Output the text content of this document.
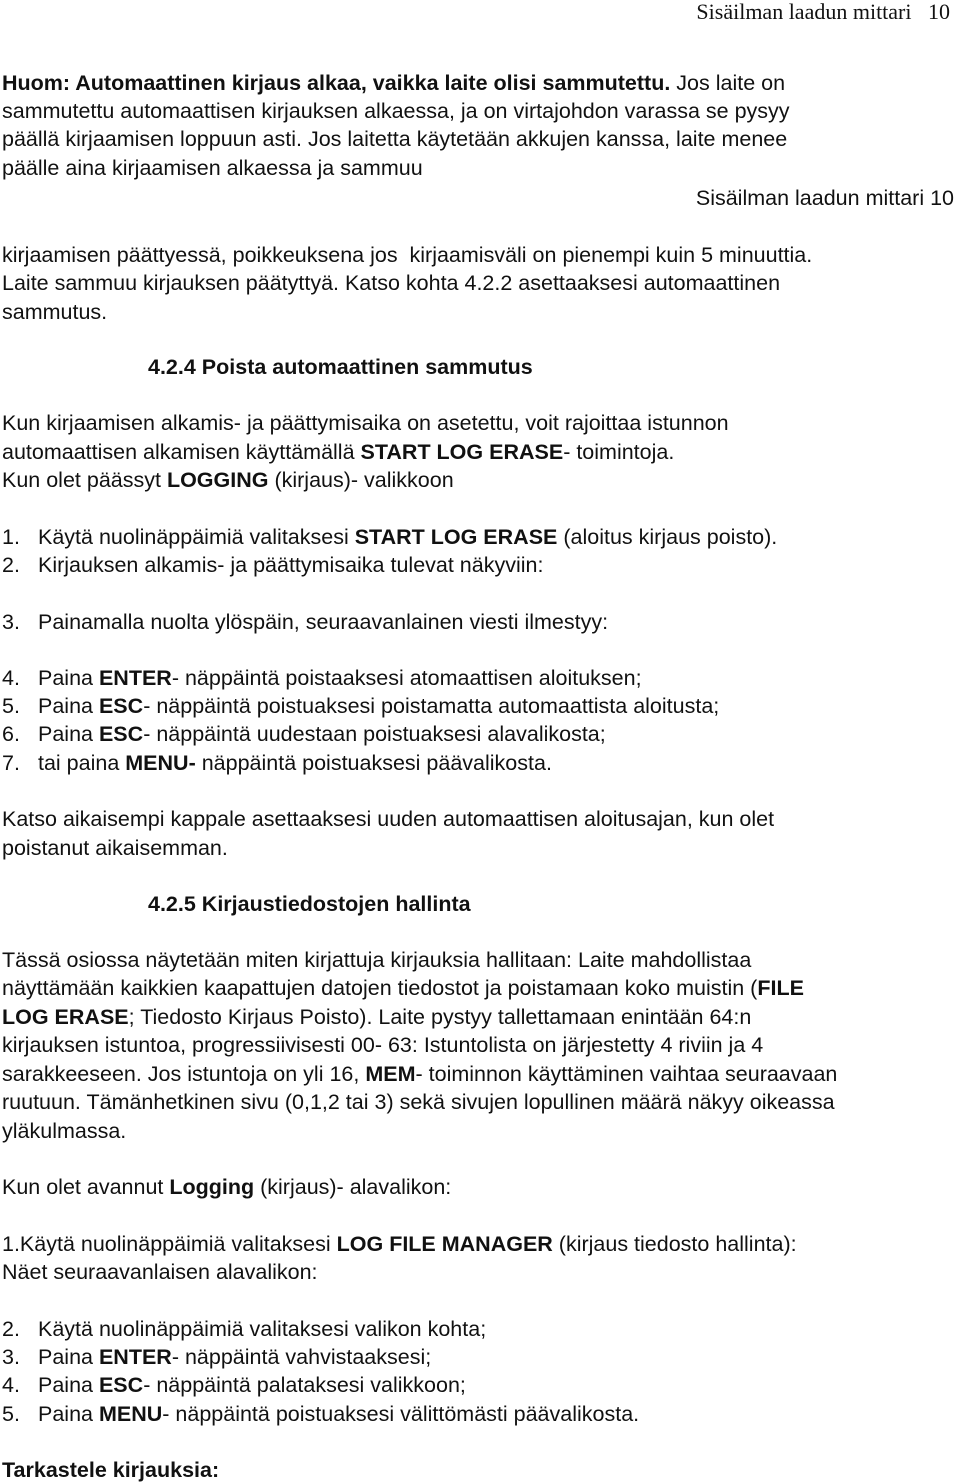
Sisäilman laadun mittari 10
Huom: Automaattinen kirjaus alkaa, vaikka laite olisi sammutettu. Jos laite on
sammutettu automaattisen kirjauksen alkaessa, ja on virtajohdon varassa se pysyy
päällä kirjaamisen loppuun asti. Jos laitetta käytetään akkujen kanssa, laite menee
päälle aina kirjaamisen alkaessa ja sammuu
Sisäilman laadun mittari 10
kirjaamisen päättyessä, poikkeuksena jos  kirjaamisväli on pienempi kuin 5 minuuttia.
Laite sammuu kirjauksen päätyttyä. Katso kohta 4.2.2 asettaaksesi automaattinen
sammutus.
4.2.4 Poista automaattinen sammutus
Kun kirjaamisen alkamis- ja päättymisaika on asetettu, voit rajoittaa istunnon
automaattisen alkamisen käyttämällä START LOG ERASE- toimintoja.
Kun olet päässyt LOGGING (kirjaus)- valikkoon
1. Käytä nuolinäppäimiä valitaksesi START LOG ERASE (aloitus kirjaus poisto).
2. Kirjauksen alkamis- ja päättymisaika tulevat näkyviin:
3. Painamalla nuolta ylöspäin, seuraavanlainen viesti ilmestyy:
4. Paina ENTER- näppäintä poistaaksesi atomaattisen aloituksen;
5. Paina ESC- näppäintä poistuaksesi poistamatta automaattista aloitusta;
6. Paina ESC- näppäintä uudestaan poistuaksesi alavalikosta;
7. tai paina MENU- näppäintä poistuaksesi päävalikosta.
Katso aikaisempi kappale asettaaksesi uuden automaattisen aloitusajan, kun olet
poistanut aikaisemman.
4.2.5 Kirjaustiedostojen hallinta
Tässä osiossa näytetään miten kirjattuja kirjauksia hallitaan: Laite mahdollistaa
näyttämään kaikkien kaapattujen datojen tiedostot ja poistamaan koko muistin (FILE
LOG ERASE; Tiedosto Kirjaus Poisto). Laite pystyy tallettamaan enintään 64:n
kirjauksen istuntoa, progressiivisesti 00- 63: Istuntolista on järjestetty 4 riviin ja 4
sarakkeeseen. Jos istuntoja on yli 16, MEM- toiminnon käyttäminen vaihtaa seuraavaan
ruutuun. Tämänhetkinen sivu (0,1,2 tai 3) sekä sivujen lopullinen määrä näkyy oikeassa
yläkulmassa.
Kun olet avannut Logging (kirjaus)- alavalikon:
1.Käytä nuolinäppäimiä valitaksesi LOG FILE MANAGER (kirjaus tiedosto hallinta):
Näet seuraavanlaisen alavalikon:
2. Käytä nuolinäppäimiä valitaksesi valikon kohta;
3. Paina ENTER- näppäintä vahvistaaksesi;
4. Paina ESC- näppäintä palataksesi valikkoon;
5. Paina MENU- näppäintä poistuaksesi välittömästi päävalikosta.
Tarkastele kirjauksia:
